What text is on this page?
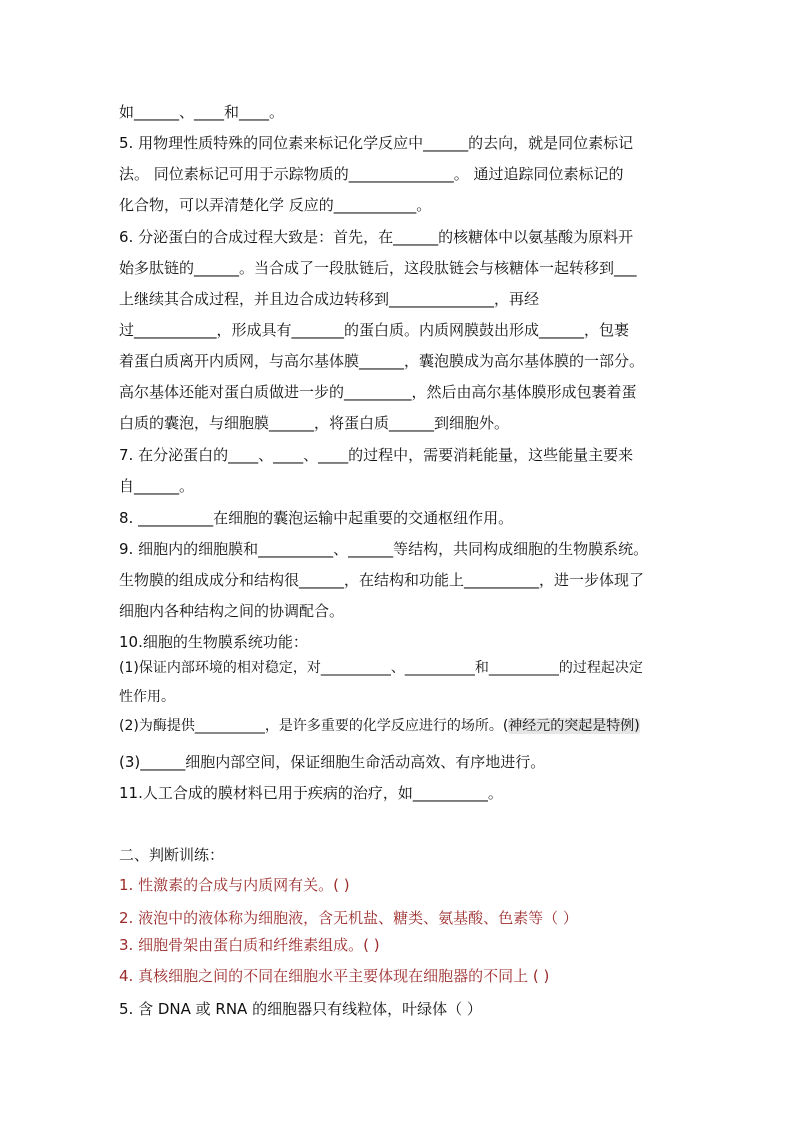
如______、____和____。
5. 用物理性质特殊的同位素来标记化学反应中______的去向，就是同位素标记
法。 同位素标记可用于示踪物质的______________。 通过追踪同位素标记的
化合物，可以弄清楚化学 反应的___________。
6. 分泌蛋白的合成过程大致是：首先，在______的核糖体中以氨基酸为原料开
始多肽链的______。当合成了一段肽链后，这段肽链会与核糖体一起转移到___
上继续其合成过程，并且边合成边转移到______________，再经
过___________，形成具有_______的蛋白质。内质网膜鼓出形成______，包裹
着蛋白质离开内质网，与高尔基体膜______，囊泡膜成为高尔基体膜的一部分。
高尔基体还能对蛋白质做进一步的_________，然后由高尔基体膜形成包裹着蛋
白质的囊泡，与细胞膜______，将蛋白质______到细胞外。
7. 在分泌蛋白的____、____、____的过程中，需要消耗能量，这些能量主要来
自______。
8. __________在细胞的囊泡运输中起重要的交通枢纽作用。
9. 细胞内的细胞膜和__________、______等结构，共同构成细胞的生物膜系统。
生物膜的组成成分和结构很______，在结构和功能上__________，进一步体现了
细胞内各种结构之间的协调配合。
10.细胞的生物膜系统功能：
(1)保证内部环境的相对稳定，对__________、__________和__________的过程起决定
性作用。
(2)为酶提供__________，是许多重要的化学反应进行的场所。(神经元的突起是特例)
(3)______细胞内部空间，保证细胞生命活动高效、有序地进行。
11.人工合成的膜材料已用于疾病的治疗，如__________。
二、判断训练：
1. 性激素的合成与内质网有关。( )
2. 液泡中的液体称为细胞液，含无机盐、糖类、氨基酸、色素等（ ）
3. 细胞骨架由蛋白质和纤维素组成。( )
4. 真核细胞之间的不同在细胞水平主要体现在细胞器的不同上 ( )
5. 含 DNA 或 RNA 的细胞器只有线粒体，叶绿体（ ）
